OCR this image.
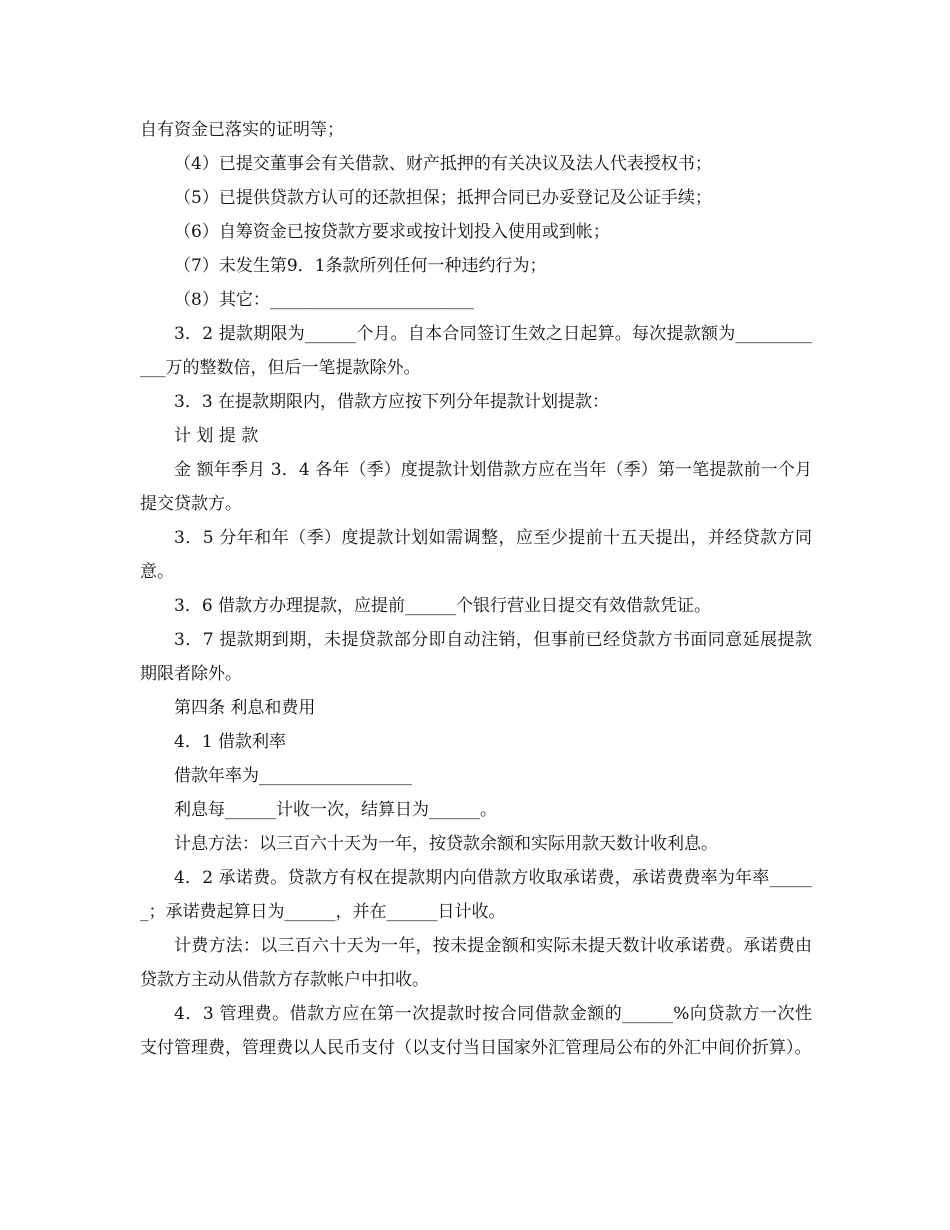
自有资金已落实的证明等；

（4）已提交董事会有关借款、财产抵押的有关决议及法人代表授权书；

（5）已提供贷款方认可的还款担保；抵押合同已办妥登记及公证手续；

（6）自筹资金已按贷款方要求或按计划投入使用或到帐；

（7）未发生第9．1条款所列任何一种违约行为；

（8）其它：________________________

3．2 提款期限为______个月。自本合同签订生效之日起算。每次提款额为____________万的整数倍，但后一笔提款除外。

3．3 在提款期限内，借款方应按下列分年提款计划提款：

计 划 提 款

金 额年季月 3．4 各年（季）度提款计划借款方应在当年（季）第一笔提款前一个月提交贷款方。

3．5 分年和年（季）度提款计划如需调整，应至少提前十五天提出，并经贷款方同意。

3．6 借款方办理提款，应提前______个银行营业日提交有效借款凭证。

3．7 提款期到期，未提贷款部分即自动注销，但事前已经贷款方书面同意延展提款期限者除外。

第四条 利息和费用

4．1 借款利率

借款年率为__________________

利息每______计收一次，结算日为______。

计息方法：以三百六十天为一年，按贷款余额和实际用款天数计收利息。

4．2 承诺费。贷款方有权在提款期内向借款方收取承诺费，承诺费费率为年率______；承诺费起算日为______，并在______日计收。

计费方法：以三百六十天为一年，按未提金额和实际未提天数计收承诺费。承诺费由贷款方主动从借款方存款帐户中扣收。

4．3 管理费。借款方应在第一次提款时按合同借款金额的______%向贷款方一次性支付管理费，管理费以人民币支付（以支付当日国家外汇管理局公布的外汇中间价折算）。
